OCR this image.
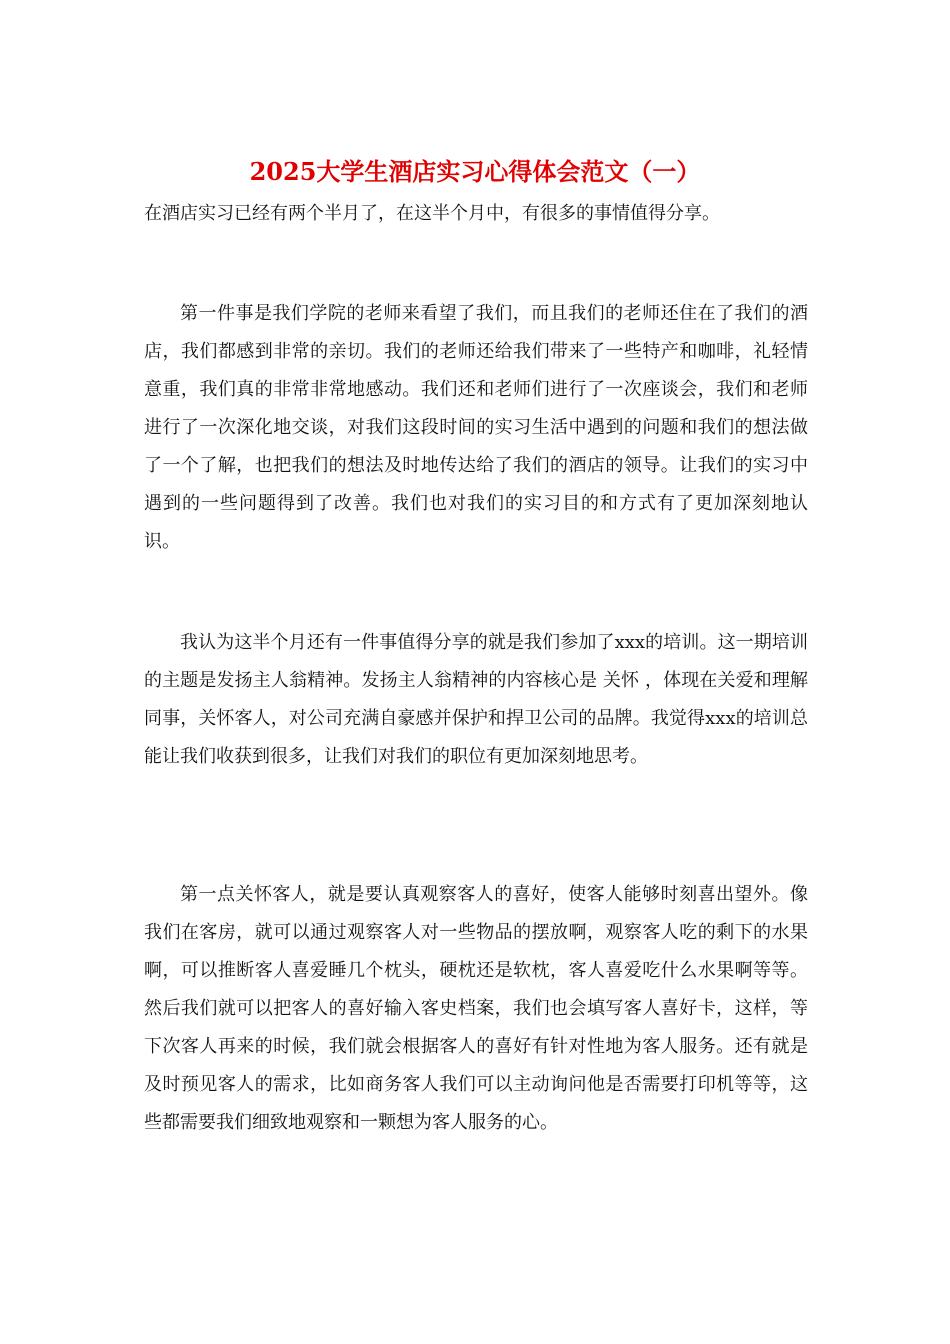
2025大学生酒店实习心得体会范文（一）
在酒店实习已经有两个半月了，在这半个月中，有很多的事情值得分享。

第一件事是我们学院的老师来看望了我们，而且我们的老师还住在了我们的酒店，我们都感到非常的亲切。我们的老师还给我们带来了一些特产和咖啡，礼轻情意重，我们真的非常非常地感动。我们还和老师们进行了一次座谈会，我们和老师进行了一次深化地交谈，对我们这段时间的实习生活中遇到的问题和我们的想法做了一个了解，也把我们的想法及时地传达给了我们的酒店的领导。让我们的实习中遇到的一些问题得到了改善。我们也对我们的实习目的和方式有了更加深刻地认识。

我认为这半个月还有一件事值得分享的就是我们参加了xxx的培训。这一期培训的主题是发扬主人翁精神。发扬主人翁精神的内容核心是 关怀 ，体现在关爱和理解同事，关怀客人，对公司充满自豪感并保护和捍卫公司的品牌。我觉得xxx的培训总能让我们收获到很多，让我们对我们的职位有更加深刻地思考。

第一点关怀客人，就是要认真观察客人的喜好，使客人能够时刻喜出望外。像我们在客房，就可以通过观察客人对一些物品的摆放啊，观察客人吃的剩下的水果啊，可以推断客人喜爱睡几个枕头，硬枕还是软枕，客人喜爱吃什么水果啊等等。然后我们就可以把客人的喜好输入客史档案，我们也会填写客人喜好卡，这样，等下次客人再来的时候，我们就会根据客人的喜好有针对性地为客人服务。还有就是及时预见客人的需求，比如商务客人我们可以主动询问他是否需要打印机等等，这些都需要我们细致地观察和一颗想为客人服务的心。
